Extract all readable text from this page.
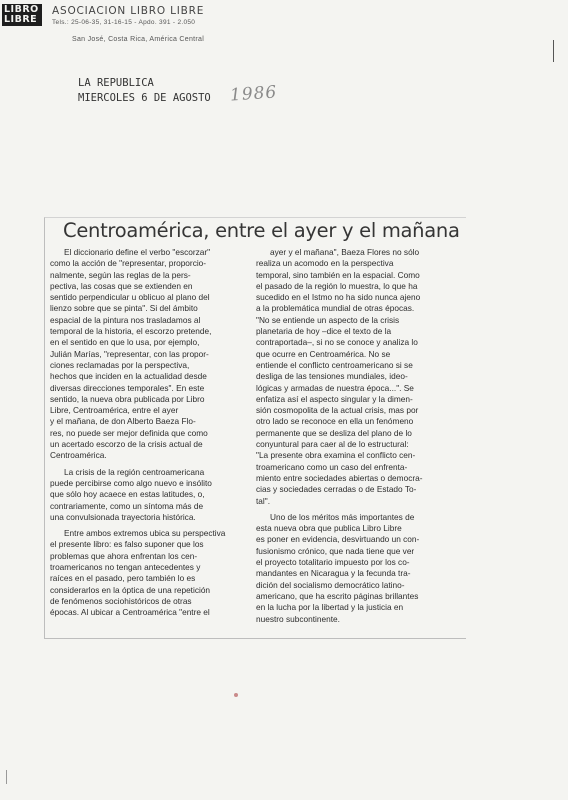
LIBRO
LIBRE
ASOCIACION LIBRO LIBRE
Tels.: 25-06-35, 31-16-15 - Apdo. 391 - 2.050
San José, Costa Rica, América Central
LA REPUBLICA
MIERCOLES 6 DE AGOSTO 1986
Centroamérica, entre el ayer y el mañana
El diccionario define el verbo "escorzar"
como la acción de "representar, proporcio-
nalmente, según las reglas de la pers-
pectiva, las cosas que se extienden en
sentido perpendicular u oblicuo al plano del
lienzo sobre que se pinta". Si del ámbito
espacial de la pintura nos trasladamos al
temporal de la historia, el escorzo pretende,
en el sentido en que lo usa, por ejemplo,
Julián Marías, "representar, con las propor-
ciones reclamadas por la perspectiva,
hechos que inciden en la actualidad desde
diversas direcciones temporales". En este
sentido, la nueva obra publicada por Libro
Libre, Centroamérica, entre el ayer
y el mañana, de don Alberto Baeza Flo-
res, no puede ser mejor definida que como
un acertado escorzo de la crisis actual de
Centroamérica.
La crisis de la región centroamericana
puede percibirse como algo nuevo e insólito
que sólo hoy acaece en estas latitudes, o,
contrariamente, como un síntoma más de
una convulsionada trayectoria histórica.
Entre ambos extremos ubica su perspectiva
el presente libro: es falso suponer que los
problemas que ahora enfrentan los cen-
troamericanos no tengan antecedentes y
raíces en el pasado, pero también lo es
considerarlos en la óptica de una repetición
de fenómenos sociohistóricos de otras
épocas. Al ubicar a Centroamérica "entre el
ayer y el mañana", Baeza Flores no sólo
realiza un acomodo en la perspectiva
temporal, sino también en la espacial. Como
el pasado de la región lo muestra, lo que ha
sucedido en el Istmo no ha sido nunca ajeno
a la problemática mundial de otras épocas.
"No se entiende un aspecto de la crisis
planetaria de hoy –dice el texto de la
contraportada–, si no se conoce y analiza lo
que ocurre en Centroamérica. No se
entiende el conflicto centroamericano si se
desliga de las tensiones mundiales, ideo-
lógicas y armadas de nuestra época...". Se
enfatiza así el aspecto singular y la dimen-
sión cosmopolita de la actual crisis, mas por
otro lado se reconoce en ella un fenómeno
permanente que se desliza del plano de lo
conyuntural para caer al de lo estructural:
"La presente obra examina el conflicto cen-
troamericano como un caso del enfrenta-
miento entre sociedades abiertas o democra-
cias y sociedades cerradas o de Estado To-
tal".
Uno de los méritos más importantes de
esta nueva obra que publica Libro Libre
es poner en evidencia, desvirtuando un con-
fusionismo crónico, que nada tiene que ver
el proyecto totalitario impuesto por los co-
mandantes en Nicaragua y la fecunda tra-
dición del socialismo democrático latino-
americano, que ha escrito páginas brillantes
en la lucha por la libertad y la justicia en
nuestro subcontinente.
